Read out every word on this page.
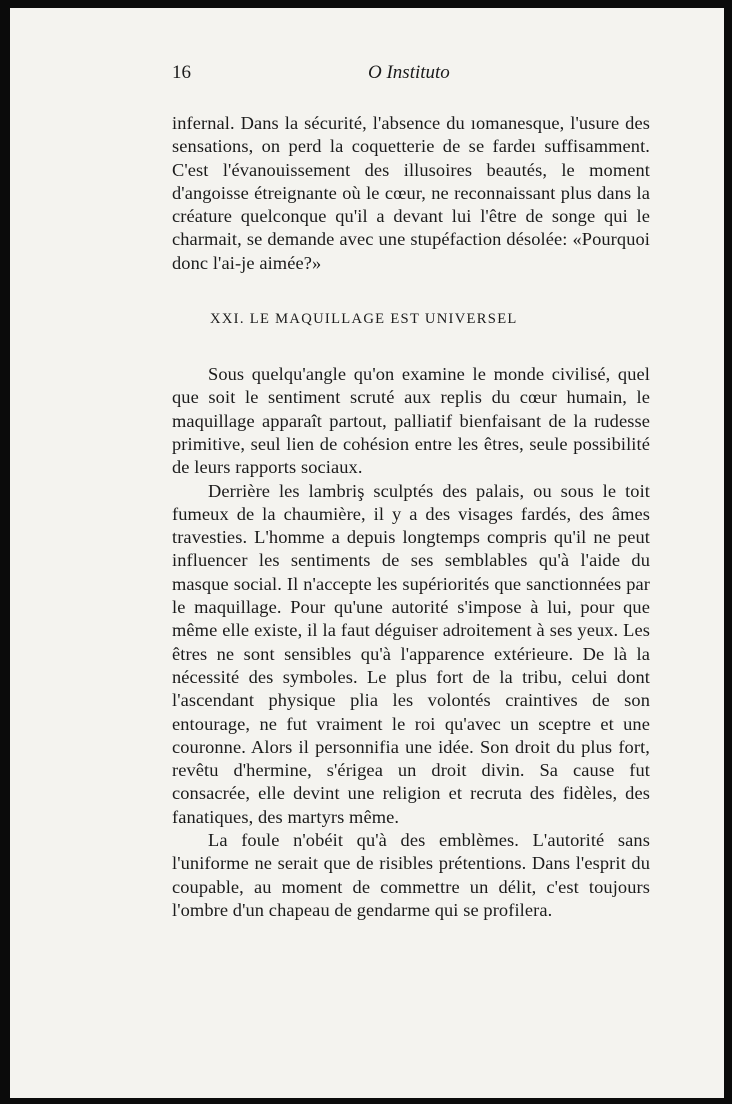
16	O Instituto

infernal. Dans la sécurité, l'absence du ıomanesque, l'usure des sensations, on perd la coquetterie de se fardeı suffisamment. C'est l'évanouissement des illusoires beautés, le moment d'angoisse étreignante où le cœur, ne reconnaissant plus dans la créature quelconque qu'il a devant lui l'être de songe qui le charmait, se demande avec une stupéfaction désolée: «Pourquoi donc l'ai-je aimée?»

XXI. LE MAQUILLAGE EST UNIVERSEL

Sous quelqu'angle qu'on examine le monde civilisé, quel que soit le sentiment scruté aux replis du cœur humain, le maquillage apparaît partout, palliatif bienfaisant de la rudesse primitive, seul lien de cohésion entre les êtres, seule possibilité de leurs rapports sociaux.

Derrière les lambriş sculptés des palais, ou sous le toit fumeux de la chaumière, il y a des visages fardés, des âmes travesties. L'homme a depuis longtemps compris qu'il ne peut influencer les sentiments de ses semblables qu'à l'aide du masque social. Il n'accepte les supériorités que sanctionnées par le maquillage. Pour qu'une autorité s'impose à lui, pour que même elle existe, il la faut déguiser adroitement à ses yeux. Les êtres ne sont sensibles qu'à l'apparence extérieure. De là la nécessité des symboles. Le plus fort de la tribu, celui dont l'ascendant physique plia les volontés craintives de son entourage, ne fut vraiment le roi qu'avec un sceptre et une couronne. Alors il personnifia une idée. Son droit du plus fort, revêtu d'hermine, s'érigea un droit divin. Sa cause fut consacrée, elle devint une religion et recruta des fidèles, des fanatiques, des martyrs même.

La foule n'obéit qu'à des emblèmes. L'autorité sans l'uniforme ne serait que de risibles prétentions. Dans l'esprit du coupable, au moment de commettre un délit, c'est toujours l'ombre d'un chapeau de gendarme qui se profilera.
